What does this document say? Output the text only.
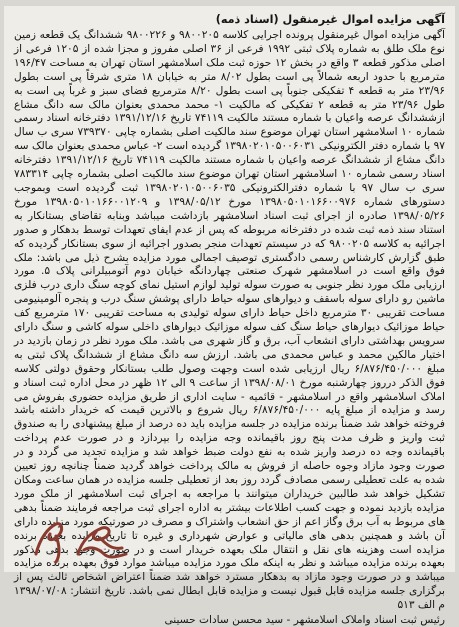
آگهی مزایده اموال غیرمنقول (اسناد ذمه)

آگهی مزایده اموال غیرمنقول پرونده اجرایی کلاسه ۹۸۰۰۲۰۵ و ۹۸۰۰۲۲۶ ششدانگ یک قطعه زمین نوع ملک طلق به شماره پلاک ثبتی ۱۹۹۲ فرعی از ۳۶ اصلی مفروز و مجزا شده از ۱۲۰۵ فرعی از اصلی مذکور قطعه ۳ واقع در بخش ۱۲ حوزه ثبت ملک اسلامشهر استان تهران به مساحت ۱۹۶/۴۷ مترمربع با حدود اربعه شمالاً پی است بطول ۸/۰۲ متر به خیابان ۱۸ متری شرقاً پی است بطول ۲۳/۹۶ متر به قطعه ۴ تفکیکی جنوباً پی است بطول ۸/۲۰ مترمربع فضای سبز و غرباً پی است به طول ۲۳/۹۶ متر به قطعه ۲ تفکیکی که مالکیت ۱- محمد محمدی بعنوان مالک سه دانگ مشاع ازششدانگ عرصه واعیان با شماره مستند مالکیت ۷۴۱۱۹ تاریخ ۱۳۹۱/۱۲/۱۶ دفترخانه اسناد رسمی شماره ۱۰ اسلامشهر استان تهران موضوع سند مالکیت اصلی بشماره چاپی ۷۳۹۳۷۰ سری ب سال ۹۷ با شماره دفتر الکترونیکی ۱۳۹۸۰۲۰۱۰۵۰۰۶۰۳۱ گردیده است ۲- عباس محمدی بعنوان مالک سه دانگ مشاع از ششدانگ عرصه واعیان با شماره مستند مالکیت ۷۴۱۱۹ تاریخ ۱۳۹۱/۱۲/۱۶ دفترخانه اسناد رسمی شماره ۱۰ اسلامشهر استان تهران موضوع سند مالکیت اصلی بشماره چاپی ۷۸۳۳۱۴ سری ب سال ۹۷ با شماره دفترالکترونیکی ۱۳۹۸۰۲۰۱۰۵۰۰۶۰۳۵ ثبت گردیده است وبموجب دستورهای شماره ۱۳۹۸۰۵۰۱۰۱۶۶۰۰۹۷۶ مورخ ۱۳۹۸/۰۵/۱۲ و ۱۳۹۸۰۵۰۱۰۱۶۶۰۰۱۲۰۹ مورخ ۱۳۹۸/۰۵/۲۶ صادره از اجرای ثبت اسناد اسلامشهر بازداشت میباشد وبنابه تقاضای بستانکار به استناد سند ذمه ثبت شده در دفترخانه مربوطه که پس از عدم ایفای تعهدات توسط بدهکار و صدور اجرائیه به کلاسه ۹۸۰۰۲۰۵ که در سیستم تعهدات منجر بصدور اجرائیه از سوی بستانکار گردیده که طبق گزارش کارشناس رسمی دادگستری توصیف اجمالی مورد مزایده بشرح ذیل می باشد: ملک فوق واقع است در اسلامشهر شهرک صنعتی چهاردانگه خیابان دوم آتومبیلرانی پلاک ۵. مورد ارزیابی ملک مورد نظر جنوبی به صورت سوله تولید لوازم استیل نمای کوچه سنگ داری درب فلزی ماشین رو دارای سوله باسقف و دیوارهای سوله حیاط دارای پوشش سنگ درب و پنجره آلومینیومی مساحت تقریبی ۳۰ مترمربع داخل حیاط دارای سوله تولیدی به مساحت تقریبی ۱۷۰ مترمربع کف حیاط موزائیک دیوارهای حیاط سنگ کف سوله موزائیک دیوارهای داخلی سوله کاشی و سنگ دارای سرویس بهداشتی دارای انشعاب آب، برق و گاز شهری می باشد. ملک مورد نظر در زمان بازدید در اختیار مالکین محمد و عباس محمدی می باشد. ارزش سه دانگ مشاع از ششدانگ پلاک ثبتی به مبلغ ۶/۸۷۶/۴۵۰/۰۰۰ ریال ارزیابی شده است وجهت وصول طلب بستانکار وحقوق دولتی کلاسه فوق الذکر درروز چهارشنبه مورخ ۱۳۹۸/۰۸/۰۱ از ساعت ۹ الی ۱۲ ظهر در محل اداره ثبت اسناد و املاک اسلامشهر واقع در اسلامشهر - قائمیه - سایت اداری از طریق مزایده حضوری بفروش می رسد و مزایده از مبلغ پایه ۶/۸۷۶/۴۵۰/۰۰۰ ریال شروع و بالاترین قیمت که خریدار داشته باشد فروخته خواهد شد ضمناً برنده مزایده در جلسه مزایده باید ده درصد از مبلغ پیشنهادی را به صندوق ثبت واریز و ظرف مدت پنج روز باقیمانده وجه مزایده را بپردازد و در صورت عدم پرداخت باقیمانده وجه ده درصد واریز شده به نفع دولت ضبط خواهد شد و مزایده تجدید می گردد و در صورت وجود مازاد وجوه حاصله از فروش به مالک پرداخت خواهد گردید ضمناً چنانچه روز تعیین شده به علت تعطیلی رسمی مصادف گردد روز بعد از تعطیلی جلسه مزایده در همان ساعت ومکان تشکیل خواهد شد طالبین خریداران میتوانند با مراجعه به اجرای ثبت اسلامشهر از ملک مورد مزایده بازدید نموده و جهت کسب اطلاعات بیشتر به اداره اجرای ثبت مراجعه فرمایند ضمناً بدهی های مربوط به آب برق وگاز اعم از حق انشعاب واشتراک و مصرف در صورتیکه مورد مزایده دارای آن باشد و همچنین بدهی های مالیاتی و عوارض شهرداری و غیره تا تاریخ مزایده بعهده برنده مزایده است وهزینه های نقل و انتقال ملک بعهده خریدار است و در صورت وجود بدهی مذکور بعهده برنده مزایده میباشد و نظر به اینکه ملک مورد مزایده میباشد موارد فوق بعهده برنده مزایده میباشد و در صورت وجود مازاد به بدهکار مسترد خواهد شد ضمناً اعتراض اشخاص ثالث پس از برگزاری جلسه مزایده قابل قبول نیست و مزایده قابل ابطال نمی باشد. تاریخ انتشار: ۱۳۹۸/۰۷/۰۸ م الف ۵۱۳

رئیس ثبت اسناد واملاک اسلامشهر - سید محسن سادات حسینی
